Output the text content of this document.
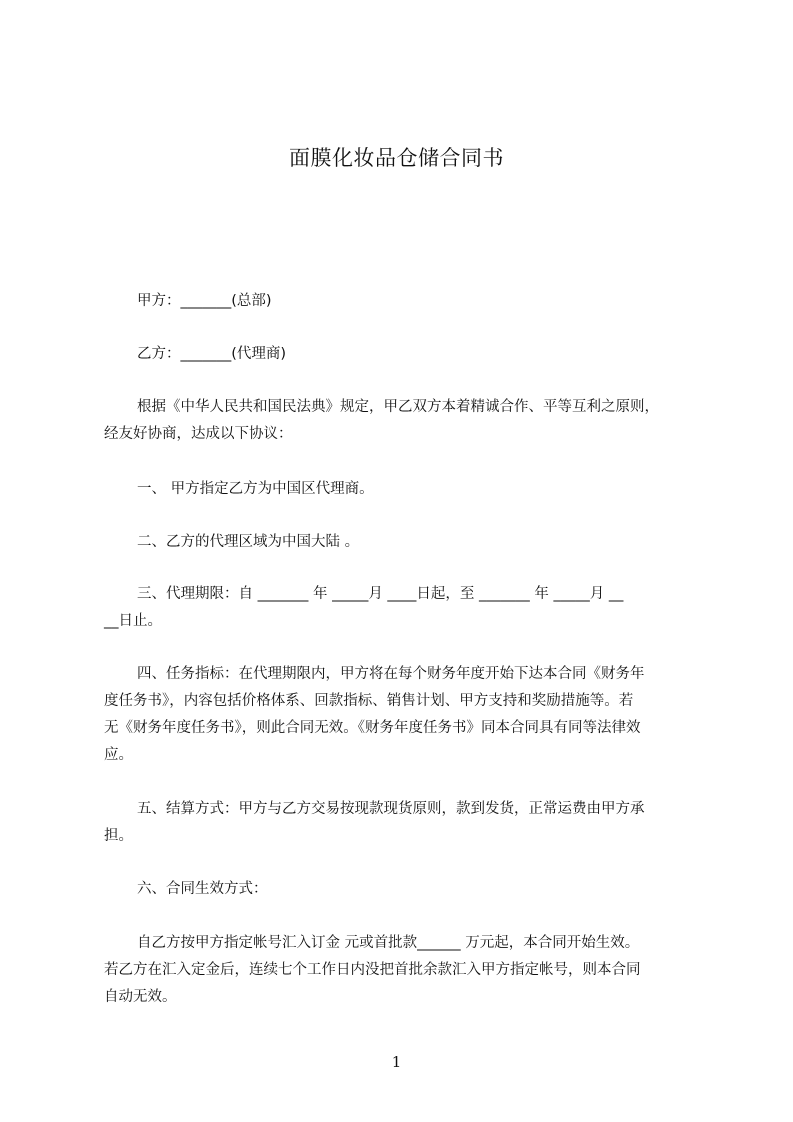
面膜化妆品仓储合同书

甲方：_______(总部)

乙方：_______(代理商)

根据《中华人民共和国民法典》规定，甲乙双方本着精诚合作、平等互利之原则，

经友好协商，达成以下协议：

一、 甲方指定乙方为中国区代理商。

二、乙方的代理区域为中国大陆 。

三、代理期限：自 _______ 年 _____月 ____日起，至 _______ 年 _____月 __

__日止。

四、任务指标：在代理期限内，甲方将在每个财务年度开始下达本合同《财务年

度任务书》，内容包括价格体系、回款指标、销售计划、甲方支持和奖励措施等。若

无《财务年度任务书》，则此合同无效。《财务年度任务书》同本合同具有同等法律效

应。

五、结算方式：甲方与乙方交易按现款现货原则，款到发货，正常运费由甲方承

担。

六、合同生效方式：

自乙方按甲方指定帐号汇入订金 元或首批款______ 万元起，本合同开始生效。

若乙方在汇入定金后，连续七个工作日内没把首批余款汇入甲方指定帐号，则本合同

自动无效。

1
